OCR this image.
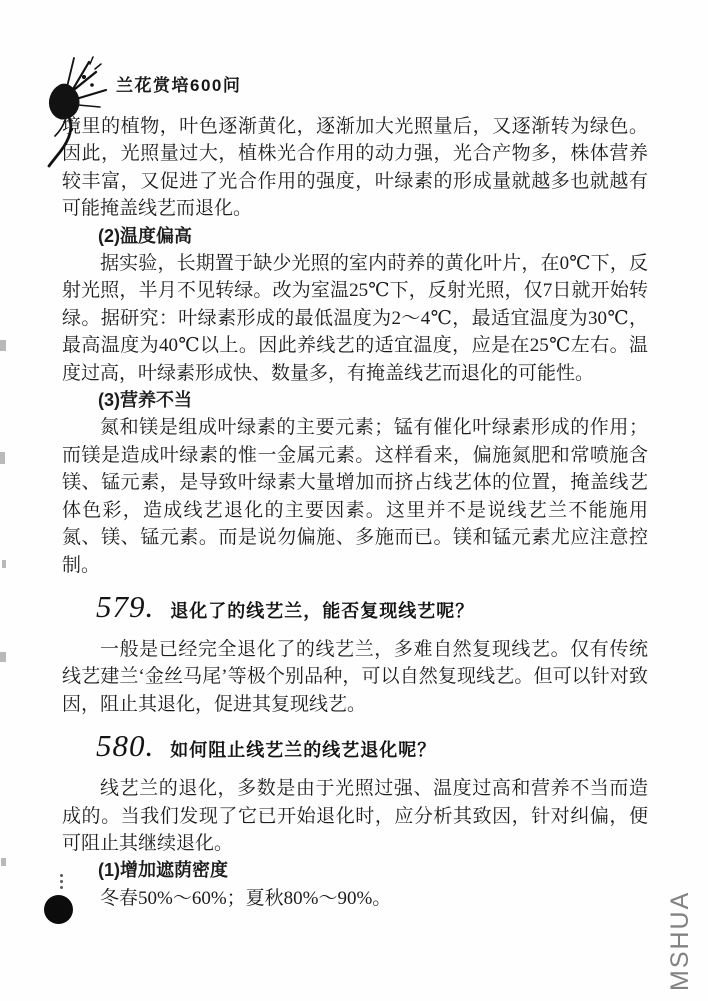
兰花赏培600问
境里的植物，叶色逐渐黄化，逐渐加大光照量后，又逐渐转为绿色。因此，光照量过大，植株光合作用的动力强，光合产物多，株体营养较丰富，又促进了光合作用的强度，叶绿素的形成量就越多也就越有可能掩盖线艺而退化。
(2)温度偏高
据实验，长期置于缺少光照的室内莳养的黄化叶片，在0℃下，反射光照，半月不见转绿。改为室温25℃下，反射光照，仅7日就开始转绿。据研究：叶绿素形成的最低温度为2～4℃，最适宜温度为30℃，最高温度为40℃以上。因此养线艺的适宜温度，应是在25℃左右。温度过高，叶绿素形成快、数量多，有掩盖线艺而退化的可能性。
(3)营养不当
氮和镁是组成叶绿素的主要元素；锰有催化叶绿素形成的作用；而镁是造成叶绿素的惟一金属元素。这样看来，偏施氮肥和常喷施含镁、锰元素，是导致叶绿素大量增加而挤占线艺体的位置，掩盖线艺体色彩，造成线艺退化的主要因素。这里并不是说线艺兰不能施用氮、镁、锰元素。而是说勿偏施、多施而已。镁和锰元素尤应注意控制。
579. 退化了的线艺兰，能否复现线艺呢？
一般是已经完全退化了的线艺兰，多难自然复现线艺。仅有传统线艺建兰‘金丝马尾’等极个别品种，可以自然复现线艺。但可以针对致因，阻止其退化，促进其复现线艺。
580. 如何阻止线艺兰的线艺退化呢？
线艺兰的退化，多数是由于光照过强、温度过高和营养不当而造成的。当我们发现了它已开始退化时，应分析其致因，针对纠偏，便可阻止其继续退化。
(1)增加遮荫密度
冬春50%～60%；夏秋80%～90%。	MSHUA
